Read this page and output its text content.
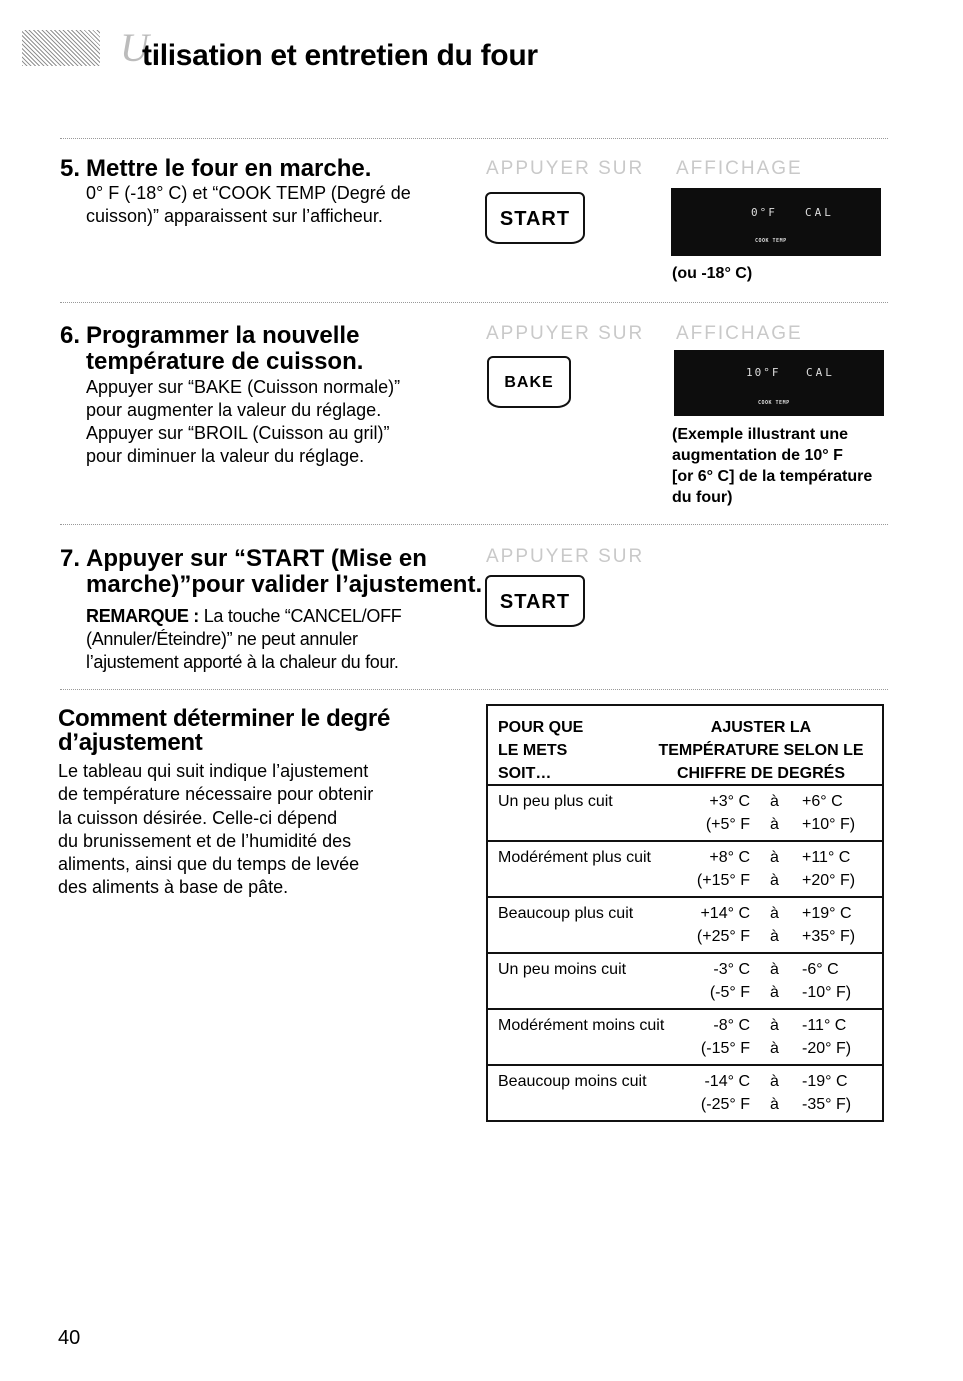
U
tilisation et entretien du four
5. Mettre le four en marche.
0° F (-18° C) et “COOK TEMP (Degré de
cuisson)” apparaissent sur l’afficheur.
APPUYER SUR AFFICHAGE
START	0°F	CAL
COOK TEMP
(ou -18° C)
6. Programmer la nouvelle
température de cuisson.
Appuyer sur “BAKE (Cuisson normale)”
pour augmenter la valeur du réglage.
Appuyer sur “BROIL (Cuisson au gril)”
pour diminuer la valeur du réglage.
APPUYER SUR AFFICHAGE
BAKE
10°F CAL
COOK TEMP
(Exemple illustrant une
augmentation de 10° F
[or 6° C] de la température
du four)
7. Appuyer sur “START (Mise en
marche)”pour valider l’ajustement.
REMARQUE : La touche “CANCEL/OFF
(Annuler/Éteindre)” ne peut annuler
l’ajustement apporté à la chaleur du four.
APPUYER SUR
START
Comment déterminer le degré
d’ajustement
Le tableau qui suit indique l’ajustement
de température nécessaire pour obtenir
la cuisson désirée. Celle-ci dépend
du brunissement et de l’humidité des
aliments, ainsi que du temps de levée
des aliments à base de pâte.
POUR QUE
LE METS
SOIT…
AJUSTER LA
TEMPÉRATURE SELON LE
CHIFFRE DE DEGRÉS
Un peu plus cuit	+3° C à +6° C
(+5° F à +10° F)
Modérément plus cuit	+8° C à +11° C
(+15° F à +20° F)
Beaucoup plus cuit	+14° C à +19° C
(+25° F à +35° F)
Un peu moins cuit	-3° C à -6° C
(-5° F à -10° F)
Modérément moins cuit	-8° C à -11° C
(-15° F à -20° F)
Beaucoup moins cuit	-14° C à -19° C
(-25° F à -35° F)
40
